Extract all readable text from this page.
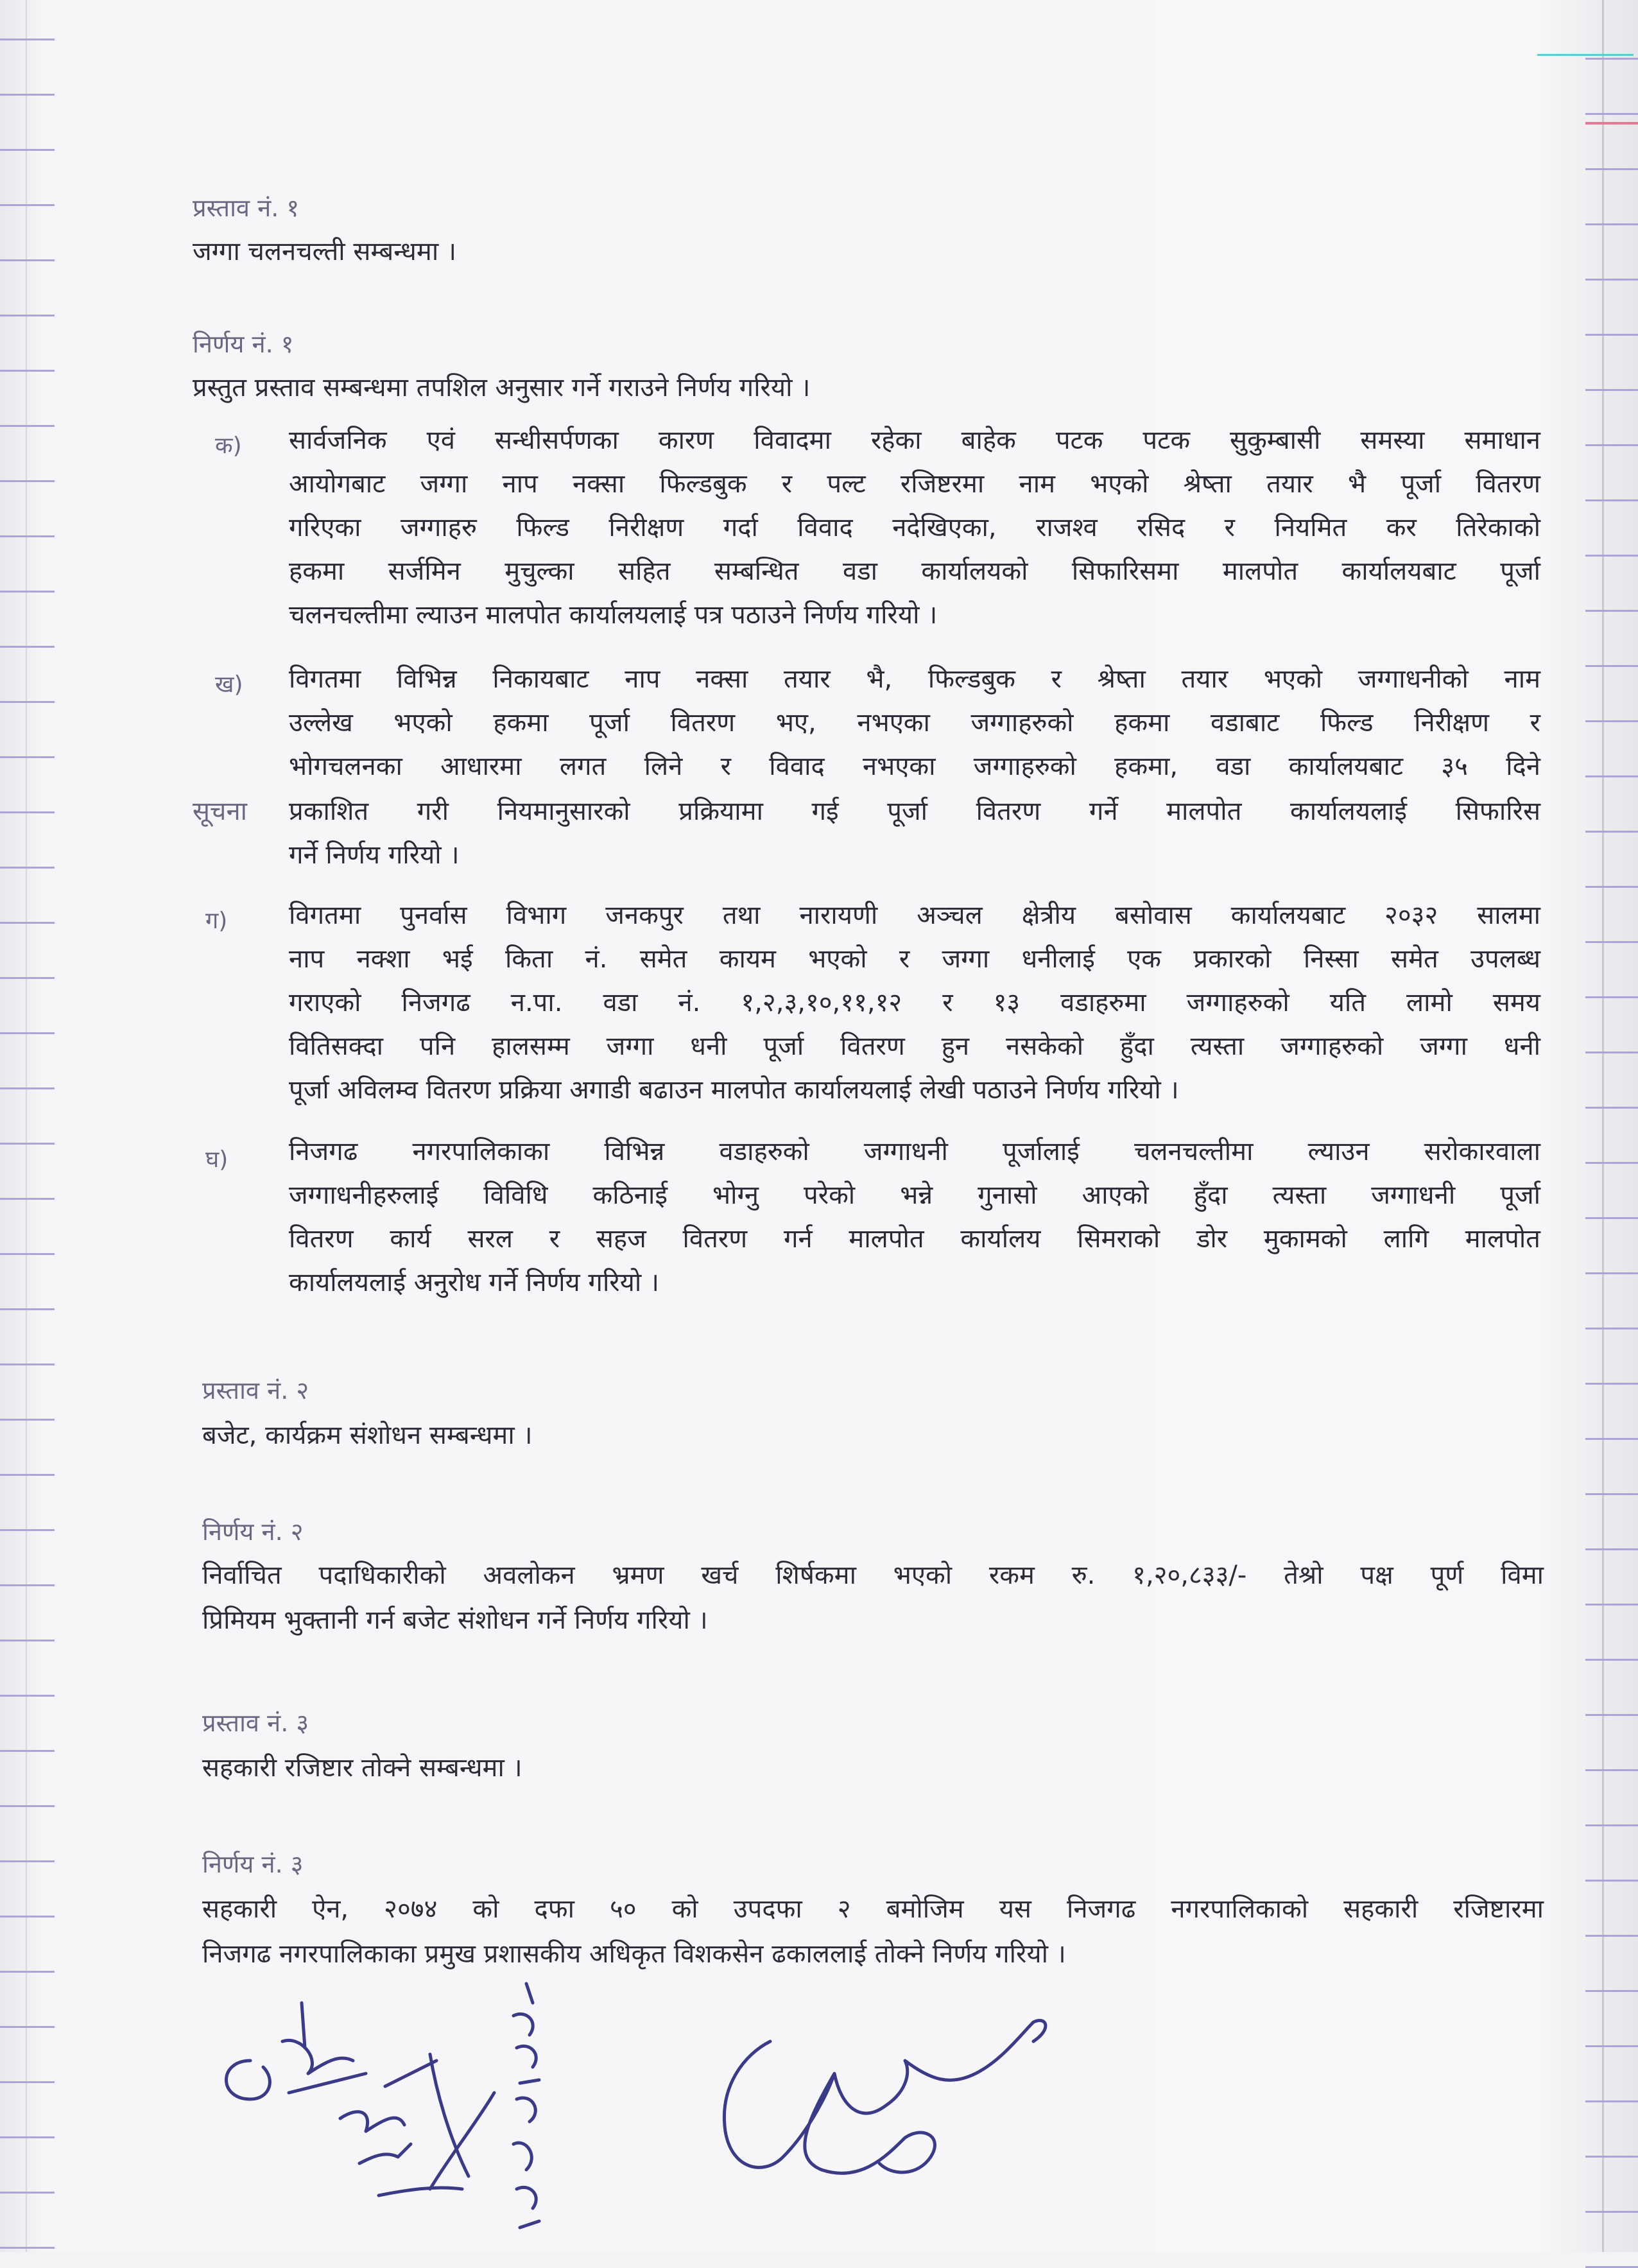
प्रस्ताव नं. १
जग्गा चलनचल्ती सम्बन्धमा ।
निर्णय नं. १
प्रस्तुत प्रस्ताव सम्बन्धमा तपशिल अनुसार गर्ने गराउने निर्णय गरियो ।
क) सार्वजनिक एवं सन्धीसर्पणका कारण विवादमा रहेका बाहेक पटक पटक सुकुम्बासी समस्या समाधान
आयोगबाट जग्गा नाप नक्सा फिल्डबुक र पल्ट रजिष्टरमा नाम भएको श्रेष्ता तयार भै पूर्जा वितरण
गरिएका जग्गाहरु फिल्ड निरीक्षण गर्दा विवाद नदेखिएका, राजश्व रसिद र नियमित कर तिरेकाको
हकमा सर्जमिन मुचुल्का सहित सम्बन्धित वडा कार्यालयको सिफारिसमा मालपोत कार्यालयबाट पूर्जा
चलनचल्तीमा ल्याउन मालपोत कार्यालयलाई पत्र पठाउने निर्णय गरियो ।
ख) विगतमा विभिन्न निकायबाट नाप नक्सा तयार भै, फिल्डबुक र श्रेष्ता तयार भएको जग्गाधनीको नाम
उल्लेख भएको हकमा पूर्जा वितरण भए, नभएका जग्गाहरुको हकमा वडाबाट फिल्ड निरीक्षण र
भोगचलनका आधारमा लगत लिने र विवाद नभएका जग्गाहरुको हकमा, वडा कार्यालयबाट ३५ दिने
सूचना प्रकाशित गरी नियमानुसारको प्रक्रियामा गई पूर्जा वितरण गर्ने मालपोत कार्यालयलाई सिफारिस
गर्ने निर्णय गरियो ।
ग) विगतमा पुनर्वास विभाग जनकपुर तथा नारायणी अञ्चल क्षेत्रीय बसोवास कार्यालयबाट २०३२ सालमा
नाप नक्शा भई किता नं. समेत कायम भएको र जग्गा धनीलाई एक प्रकारको निस्सा समेत उपलब्ध
गराएको निजगढ न.पा. वडा नं. १,२,३,१०,११,१२ र १३ वडाहरुमा जग्गाहरुको यति लामो समय
वितिसक्दा पनि हालसम्म जग्गा धनी पूर्जा वितरण हुन नसकेको हुँदा त्यस्ता जग्गाहरुको जग्गा धनी
पूर्जा अविलम्व वितरण प्रक्रिया अगाडी बढाउन मालपोत कार्यालयलाई लेखी पठाउने निर्णय गरियो ।
घ) निजगढ नगरपालिकाका विभिन्न वडाहरुको जग्गाधनी पूर्जालाई चलनचल्तीमा ल्याउन सरोकारवाला
जग्गाधनीहरुलाई विविधि कठिनाई भोग्नु परेको भन्ने गुनासो आएको हुँदा त्यस्ता जग्गाधनी पूर्जा
वितरण कार्य सरल र सहज वितरण गर्न मालपोत कार्यालय सिमराको डोर मुकामको लागि मालपोत
कार्यालयलाई अनुरोध गर्ने निर्णय गरियो ।
प्रस्ताव नं. २
बजेट, कार्यक्रम संशोधन सम्बन्धमा ।
निर्णय नं. २
निर्वाचित पदाधिकारीको अवलोकन भ्रमण खर्च शिर्षकमा भएको रकम रु. १,२०,८३३/- तेश्रो पक्ष पूर्ण विमा
प्रिमियम भुक्तानी गर्न बजेट संशोधन गर्ने निर्णय गरियो ।
प्रस्ताव नं. ३
सहकारी रजिष्टार तोक्ने सम्बन्धमा ।
निर्णय नं. ३
सहकारी ऐन, २०७४ को दफा ५० को उपदफा २ बमोजिम यस निजगढ नगरपालिकाको सहकारी रजिष्टारमा
निजगढ नगरपालिकाका प्रमुख प्रशासकीय अधिकृत विशकसेन ढकाललाई तोक्ने निर्णय गरियो ।
